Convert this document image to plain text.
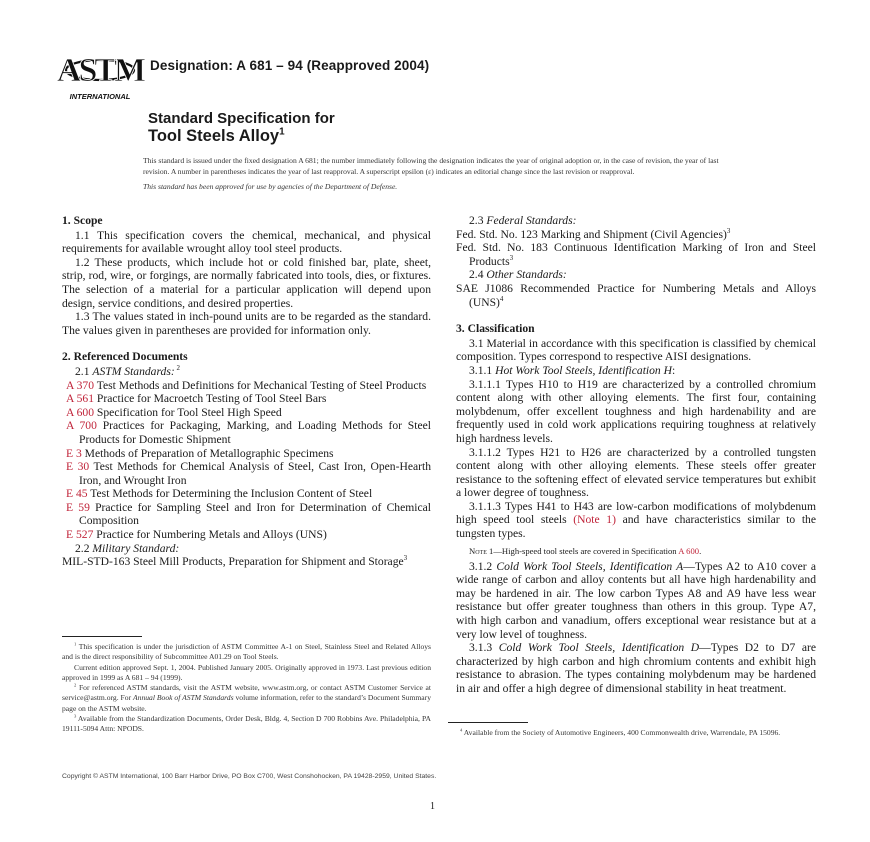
ASTM
INTERNATIONAL
Designation: A 681 – 94 (Reapproved 2004)
Standard Specification for
Tool Steels Alloy$^1$

This standard is issued under the fixed designation A 681; the number immediately following the designation indicates the year of original adoption or, in the case of revision, the year of last revision. A number in parentheses indicates the year of last reapproval. A superscript epsilon (ε) indicates an editorial change since the last revision or reapproval.

This standard has been approved for use by agencies of the Department of Defense.

1. Scope

1.1 This specification covers the chemical, mechanical, and physical requirements for available wrought alloy tool steel products.

1.2 These products, which include hot or cold finished bar, plate, sheet, strip, rod, wire, or forgings, are normally fabricated into tools, dies, or fixtures. The selection of a material for a particular application will depend upon design, service conditions, and desired properties.

1.3 The values stated in inch-pound units are to be regarded as the standard. The values given in parentheses are provided for information only.

2. Referenced Documents

2.1 ASTM Standards: $^2$

A 370 Test Methods and Definitions for Mechanical Testing of Steel Products

A 561 Practice for Macroetch Testing of Tool Steel Bars

A 600 Specification for Tool Steel High Speed

A 700 Practices for Packaging, Marking, and Loading Methods for Steel Products for Domestic Shipment

E 3 Methods of Preparation of Metallographic Specimens

E 30 Test Methods for Chemical Analysis of Steel, Cast Iron, Open-Hearth Iron, and Wrought Iron

E 45 Test Methods for Determining the Inclusion Content of Steel

E 59 Practice for Sampling Steel and Iron for Determination of Chemical Composition

E 527 Practice for Numbering Metals and Alloys (UNS)

2.2 Military Standard:

MIL-STD-163 Steel Mill Products, Preparation for Shipment and Storage$^3$

$^1$ This specification is under the jurisdiction of ASTM Committee A-1 on Steel, Stainless Steel and Related Alloys and is the direct responsibility of Subcommittee A01.29 on Tool Steels.

Current edition approved Sept. 1, 2004. Published January 2005. Originally approved in 1973. Last previous edition approved in 1999 as A 681 – 94 (1999).

$^2$ For referenced ASTM standards, visit the ASTM website, www.astm.org, or contact ASTM Customer Service at service@astm.org. For Annual Book of ASTM Standards volume information, refer to the standard’s Document Summary page on the ASTM website.

$^3$ Available from the Standardization Documents, Order Desk, Bldg. 4, Section D 700 Robbins Ave. Philadelphia, PA 19111-5094 Attn: NPODS.

2.3 Federal Standards:

Fed. Std. No. 123 Marking and Shipment (Civil Agencies)$^3$

Fed. Std. No. 183 Continuous Identification Marking of Iron and Steel Products$^3$

2.4 Other Standards:

SAE J1086 Recommended Practice for Numbering Metals and Alloys (UNS)$^4$

3. Classification

3.1 Material in accordance with this specification is classified by chemical composition. Types correspond to respective AISI designations.

3.1.1 Hot Work Tool Steels, Identification H:

3.1.1.1 Types H10 to H19 are characterized by a controlled chromium content along with other alloying elements. The first four, containing molybdenum, offer excellent toughness and high hardenability and are frequently used in cold work applications requiring toughness at relatively high hardness levels.

3.1.1.2 Types H21 to H26 are characterized by a controlled tungsten content along with other alloying elements. These steels offer greater resistance to the softening effect of elevated service temperatures but exhibit a lower degree of toughness.

3.1.1.3 Types H41 to H43 are low-carbon modifications of molybdenum high speed tool steels (Note 1) and have characteristics similar to the tungsten types.

Note 1—High-speed tool steels are covered in Specification A 600.

3.1.2 Cold Work Tool Steels, Identification A—Types A2 to A10 cover a wide range of carbon and alloy contents but all have high hardenability and may be hardened in air. The low carbon Types A8 and A9 have less wear resistance but offer greater toughness than others in this group. Type A7, with high carbon and vanadium, offers exceptional wear resistance but at a very low level of toughness.

3.1.3 Cold Work Tool Steels, Identification D—Types D2 to D7 are characterized by high carbon and high chromium contents and exhibit high resistance to abrasion. The types containing molybdenum may be hardened in air and offer a high degree of dimensional stability in heat treatment.

$^4$ Available from the Society of Automotive Engineers, 400 Commonwealth drive, Warrendale, PA 15096.

Copyright © ASTM International, 100 Barr Harbor Drive, PO Box C700, West Conshohocken, PA 19428-2959, United States.
1
